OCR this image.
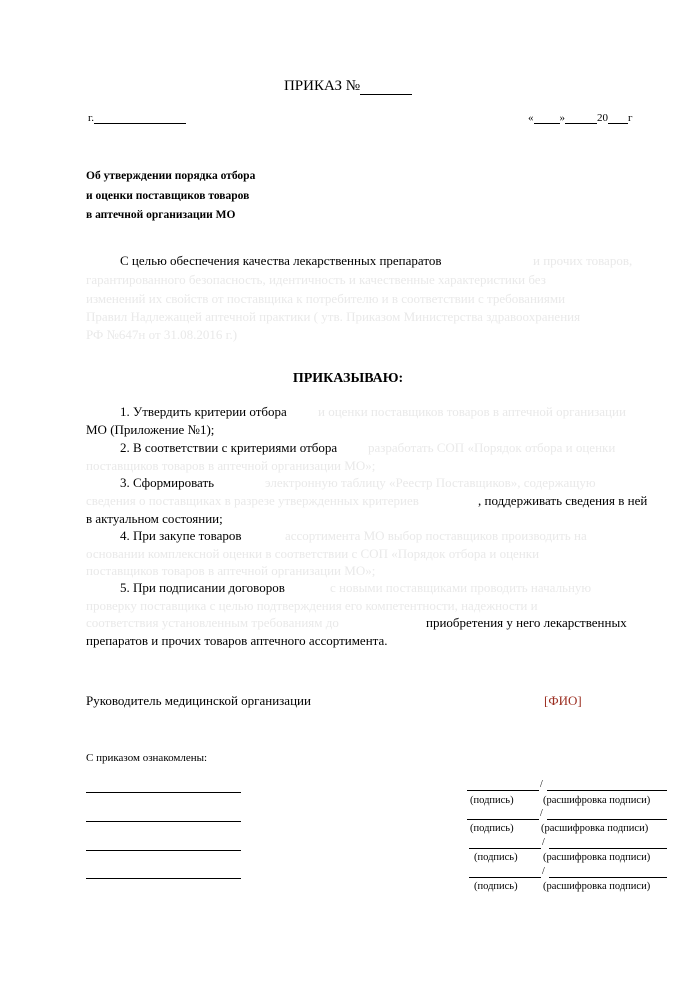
ПРИКАЗ №
г.	« »	20 г
Об утверждении порядка отбора
и оценки поставщиков товаров
в аптечной организации МО
С целью обеспечения качества лекарственных препаратов	и прочих товаров,
гарантированного безопасность, идентичность и качественные характеристики без
изменений их свойств от поставщика к потребителю и в соответствии с требованиями
Правил Надлежащей аптечной практики ( утв. Приказом Министерства здравоохранения
РФ №647н от 31.08.2016 г.)
ПРИКАЗЫВАЮ:
1. Утвердить критерии отбора и оценки поставщиков товаров в аптечной организации
МО (Приложение №1);
2. В соответствии с критериями отбора разработать СОП «Порядок отбора и оценки
поставщиков товаров в аптечной организации МО»;
3. Сформировать	электронную таблицу «Реестр Поставщиков», содержащую
сведения о поставщиках в разрезе утвержденных критериев	, поддерживать сведения в ней
в актуальном состоянии;
4. При закупе товаров	ассортимента МО выбор поставщиков производить на
основании комплексной оценки в соответствии с СОП «Порядок отбора и оценки
поставщиков товаров в аптечной организации МО»;
5. При подписании договоров	с новыми поставщиками проводить начальную
проверку поставщика с целью подтверждения его компетентности, надежности и
соответствия установленным требованиям до	приобретения у него лекарственных
препаратов и прочих товаров аптечного ассортимента.
Руководитель медицинской организации	[ФИО]
С приказом ознакомлены:
/
(подпись)	(расшифровка подписи)
/
(подпись)	(расшифровка подписи)
/
(подпись) (расшифровка подписи)
/
(подпись) (расшифровка подписи)
